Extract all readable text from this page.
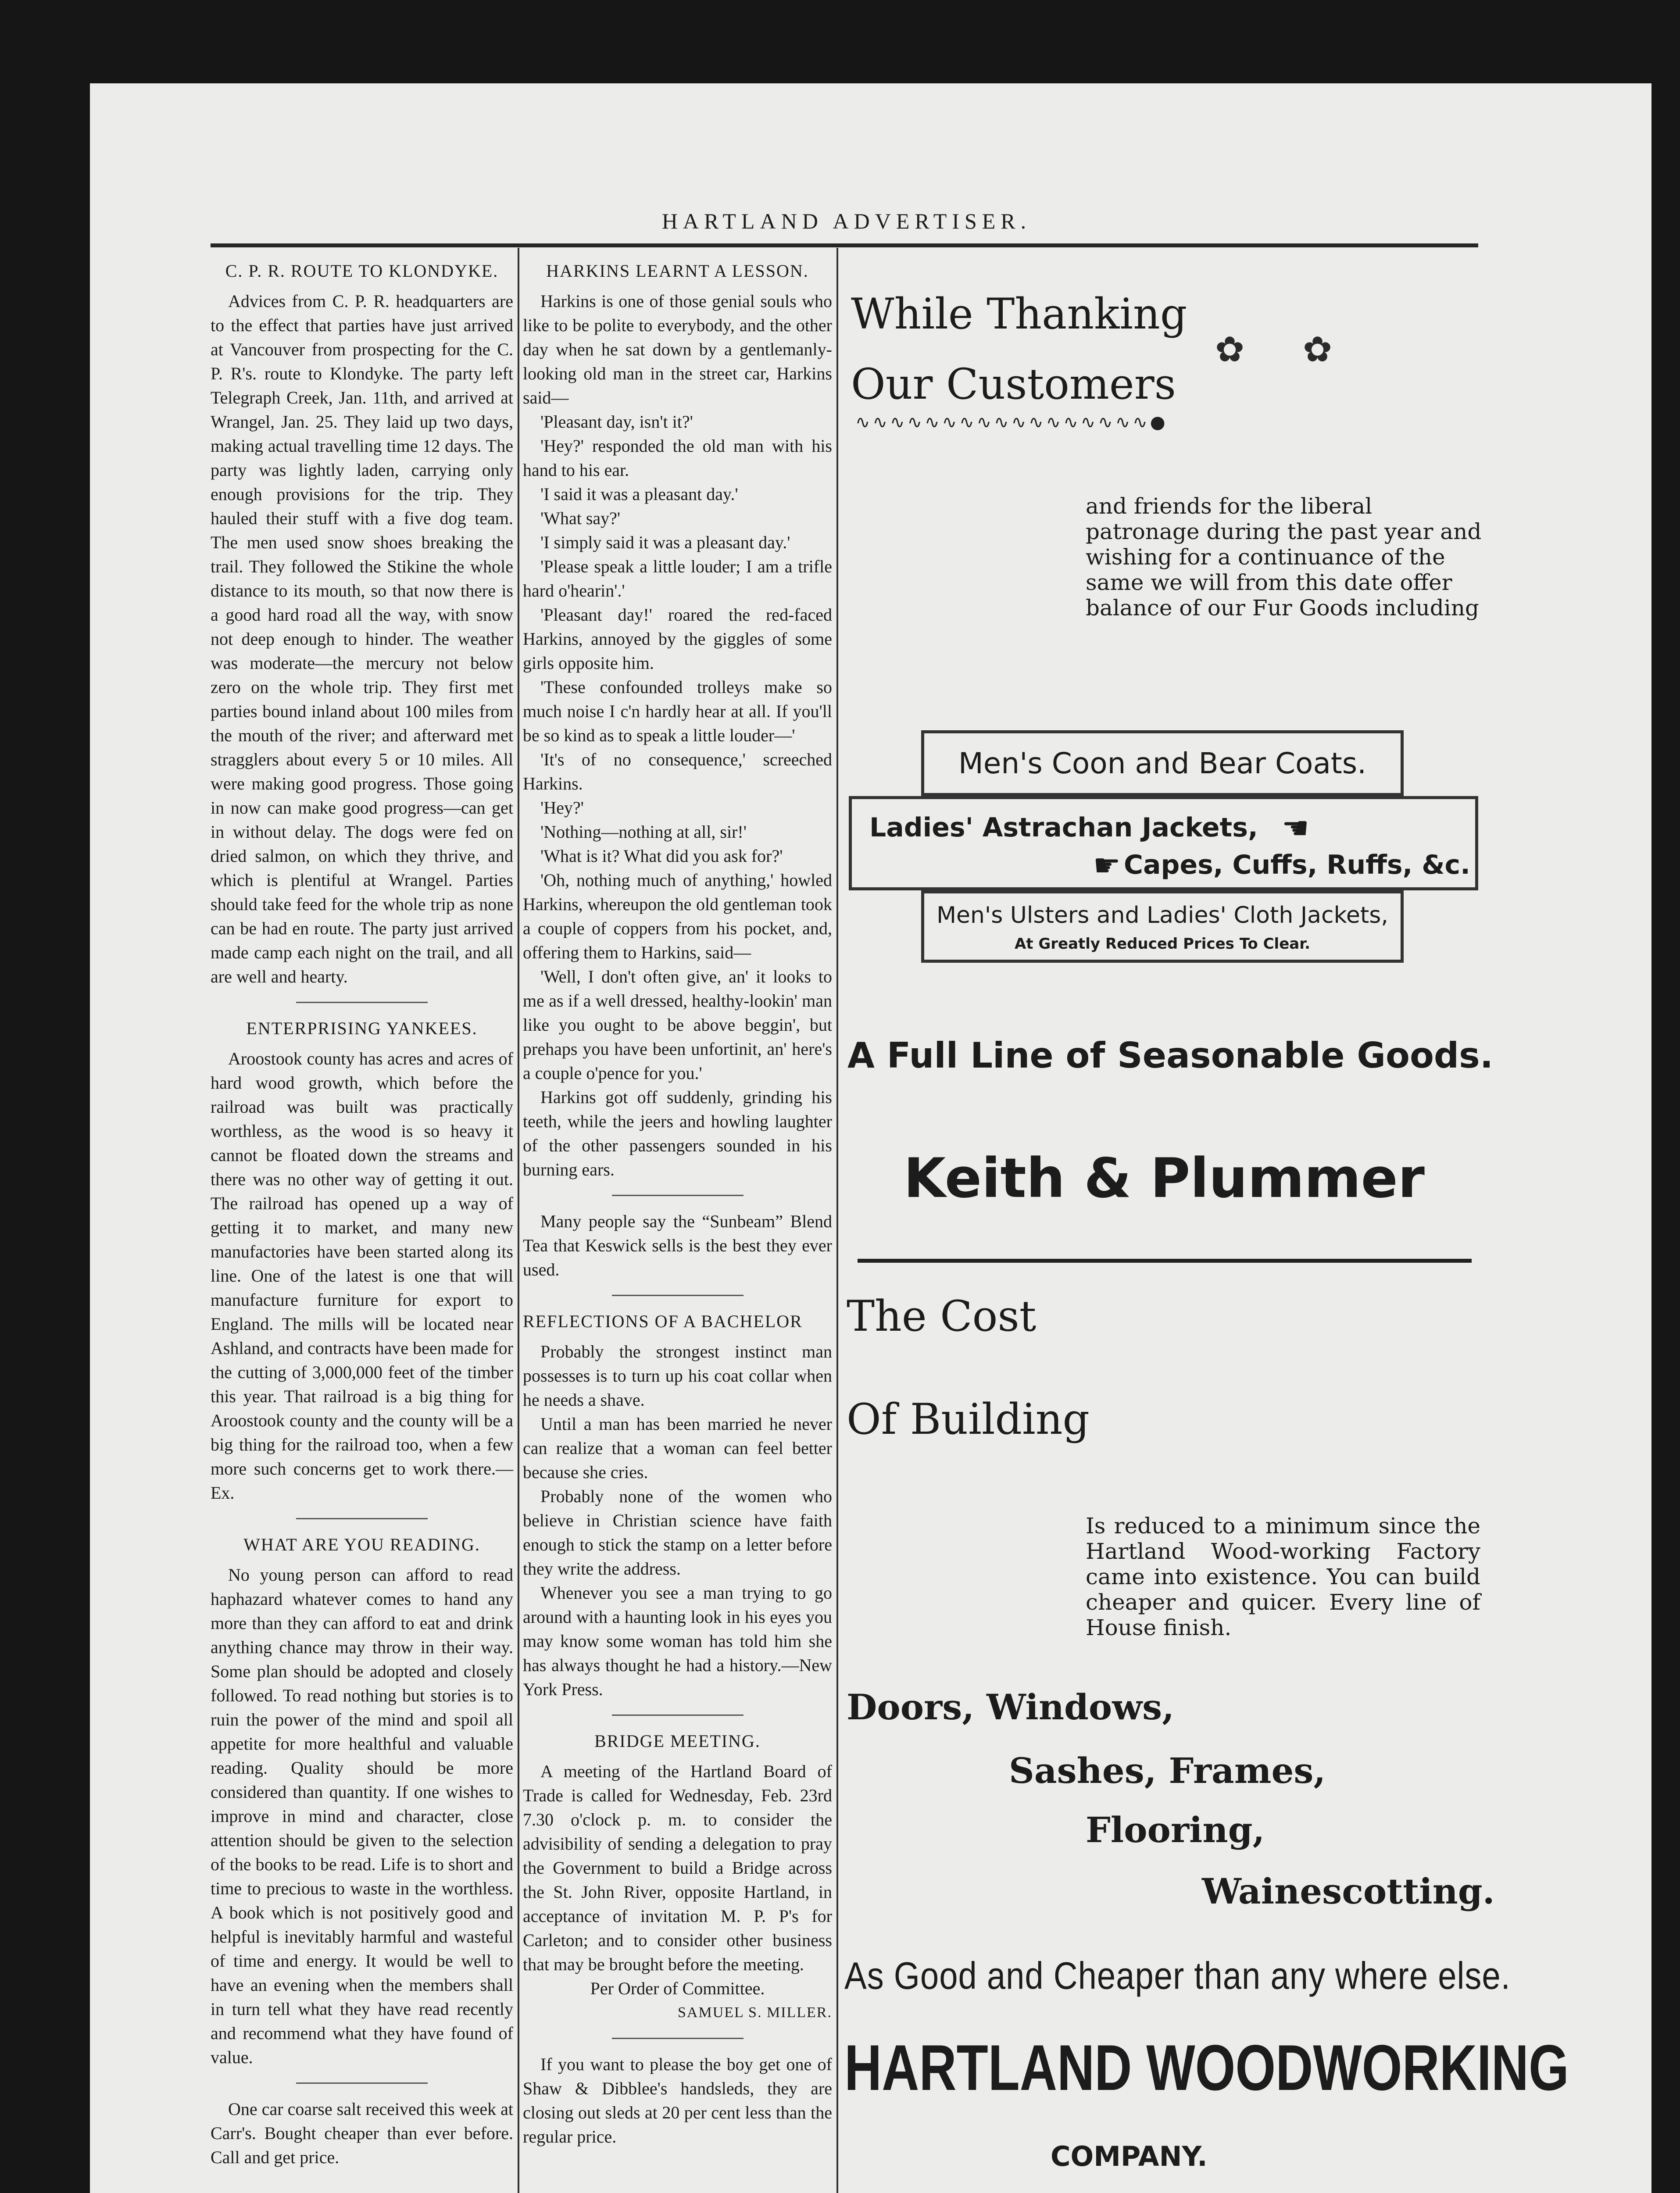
HARTLAND ADVERTISER.
C. P. R. ROUTE TO KLONDYKE.

Advices from C. P. R. headquarters are to the effect that parties have just arrived at Vancouver from prospecting for the C. P. R's. route to Klondyke. The party left Telegraph Creek, Jan. 11th, and arrived at Wrangel, Jan. 25. They laid up two days, making actual travelling time 12 days. The party was lightly laden, carrying only enough provisions for the trip. They hauled their stuff with a five dog team. The men used snow shoes breaking the trail. They followed the Stikine the whole distance to its mouth, so that now there is a good hard road all the way, with snow not deep enough to hinder. The weather was moderate—the mercury not below zero on the whole trip. They first met parties bound inland about 100 miles from the mouth of the river; and afterward met stragglers about every 5 or 10 miles. All were making good progress. Those going in now can make good progress—can get in without delay. The dogs were fed on dried salmon, on which they thrive, and which is plentiful at Wrangel. Parties should take feed for the whole trip as none can be had en route. The party just arrived made camp each night on the trail, and all are well and hearty.

ENTERPRISING YANKEES.

Aroostook county has acres and acres of hard wood growth, which before the railroad was built was practically worthless, as the wood is so heavy it cannot be floated down the streams and there was no other way of getting it out. The railroad has opened up a way of getting it to market, and many new manufactories have been started along its line. One of the latest is one that will manufacture furniture for export to England. The mills will be located near Ashland, and contracts have been made for the cutting of 3,000,000 feet of the timber this year. That railroad is a big thing for Aroostook county and the county will be a big thing for the railroad too, when a few more such concerns get to work there.—Ex.

WHAT ARE YOU READING.

No young person can afford to read haphazard whatever comes to hand any more than they can afford to eat and drink anything chance may throw in their way. Some plan should be adopted and closely followed. To read nothing but stories is to ruin the power of the mind and spoil all appetite for more healthful and valuable reading. Quality should be more considered than quantity. If one wishes to improve in mind and character, close attention should be given to the selection of the books to be read. Life is to short and time to precious to waste in the worthless. A book which is not positively good and helpful is inevitably harmful and wasteful of time and energy. It would be well to have an evening when the members shall in turn tell what they have read recently and recommend what they have found of value.

One car coarse salt received this week at Carr's. Bought cheaper than ever before. Call and get price.

HARKINS LEARNT A LESSON.

Harkins is one of those genial souls who like to be polite to everybody, and the other day when he sat down by a gentlemanly-looking old man in the street car, Harkins said—

'Pleasant day, isn't it?'

'Hey?' responded the old man with his hand to his ear.

'I said it was a pleasant day.'

'What say?'

'I simply said it was a pleasant day.'

'Please speak a little louder; I am a trifle hard o'hearin'.'

'Pleasant day!' roared the red-faced Harkins, annoyed by the giggles of some girls opposite him.

'These confounded trolleys make so much noise I c'n hardly hear at all. If you'll be so kind as to speak a little louder—'

'It's of no consequence,' screeched Harkins.

'Hey?'

'Nothing—nothing at all, sir!'

'What is it? What did you ask for?'

'Oh, nothing much of anything,' howled Harkins, whereupon the old gentleman took a couple of coppers from his pocket, and, offering them to Harkins, said—

'Well, I don't often give, an' it looks to me as if a well dressed, healthy-lookin' man like you ought to be above beggin', but prehaps you have been unfortinit, an' here's a couple o'pence for you.'

Harkins got off suddenly, grinding his teeth, while the jeers and howling laughter of the other passengers sounded in his burning ears.

Many people say the “Sunbeam” Blend Tea that Keswick sells is the best they ever used.

REFLECTIONS OF A BACHELOR

Probably the strongest instinct man possesses is to turn up his coat collar when he needs a shave.

Until a man has been married he never can realize that a woman can feel better because she cries.

Probably none of the women who believe in Christian science have faith enough to stick the stamp on a letter before they write the address.

Whenever you see a man trying to go around with a haunting look in his eyes you may know some woman has told him she has always thought he had a history.—New York Press.

BRIDGE MEETING.

A meeting of the Hartland Board of Trade is called for Wednesday, Feb. 23rd 7.30 o'clock p. m. to consider the advisibility of sending a delegation to pray the Government to build a Bridge across the St. John River, opposite Hartland, in acceptance of invitation M. P. P's for Carleton; and to consider other business that may be brought before the meeting.

Per Order of Committee.

SAMUEL S. MILLER.

If you want to please the boy get one of Shaw & Dibblee's handsleds, they are closing out sleds at 20 per cent less than the regular price.

While Thanking
Our Customers
∿∿∿∿∿∿∿∿∿∿∿∿∿∿∿∿∿●
✿ ✿
and friends for the liberal patronage during the past year and wishing for a continuance of the same we will from this date offer balance of our Fur Goods including
Men's Coon and Bear Coats.
Ladies' Astrachan Jackets, ☚
☛ Capes, Cuffs, Ruffs, &c.
Men's Ulsters and Ladies' Cloth Jackets,
At Greatly Reduced Prices To Clear.
A Full Line of Seasonable Goods.
Keith & Plummer
The Cost
Of Building
Is reduced to a minimum since the Hartland Wood-working Factory came into existence. You can build cheaper and quicer. Every line of House finish.
Doors, Windows,
Sashes, Frames,
Flooring,
Wainescotting.
As Good and Cheaper than any where else.
HARTLAND WOODWORKING
COMPANY.
